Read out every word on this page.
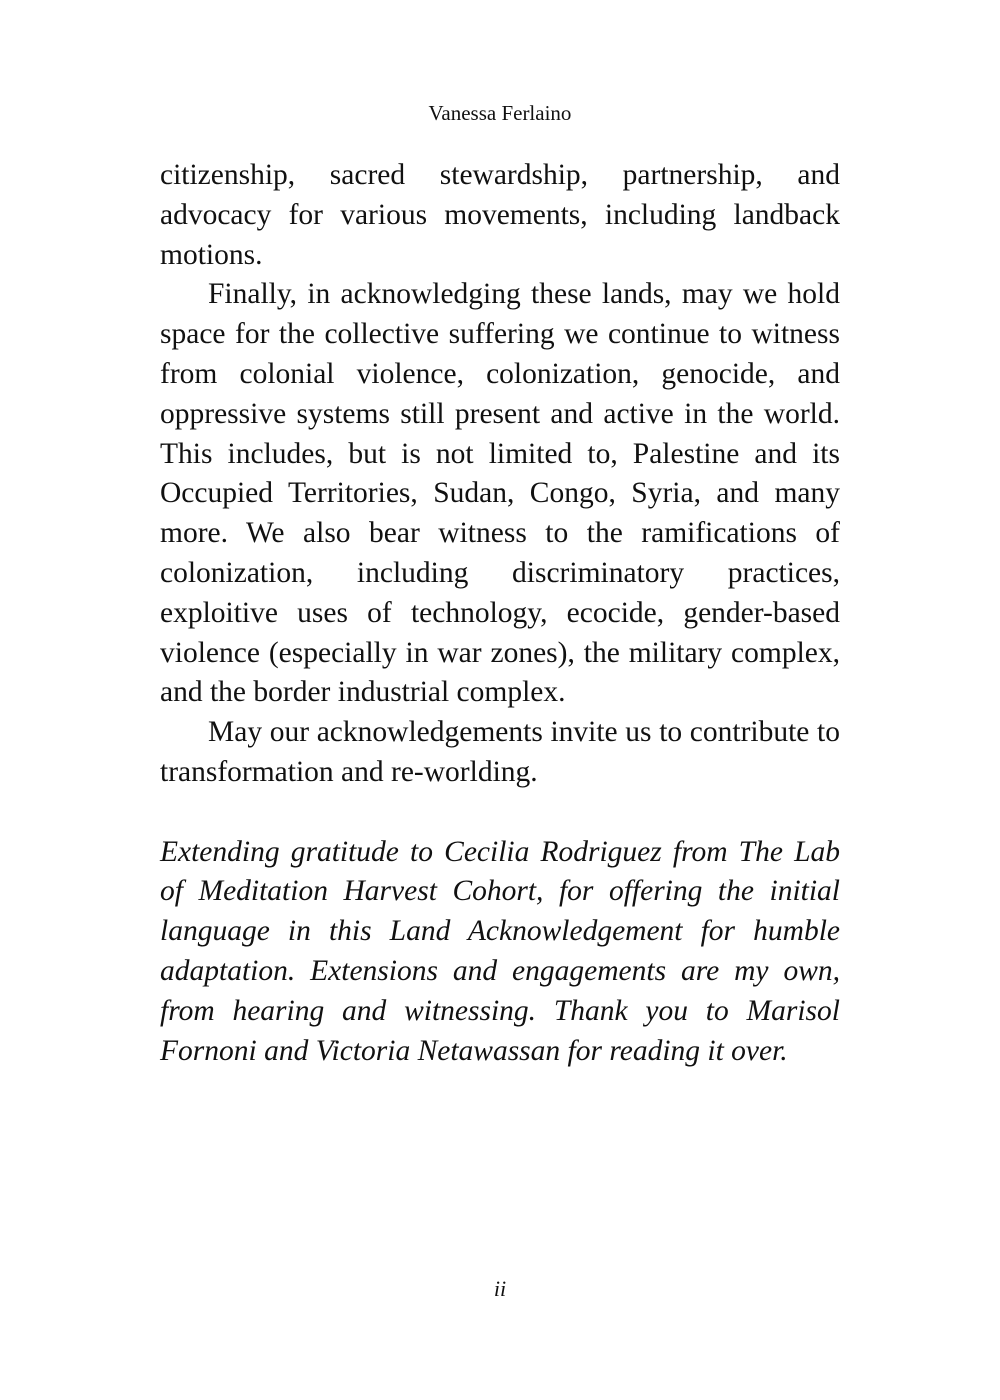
Vanessa Ferlaino

citizenship, sacred stewardship, partnership, and advocacy for various movements, including landback motions.

Finally, in acknowledging these lands, may we hold space for the collective suffering we continue to witness from colonial violence, colonization, genocide, and oppressive systems still present and active in the world. This includes, but is not limited to, Palestine and its Occupied Territories, Sudan, Congo, Syria, and many more. We also bear witness to the ramifications of colonization, including discriminatory practices, exploitive uses of technology, ecocide, gender-based violence (especially in war zones), the military complex, and the border industrial complex.

May our acknowledgements invite us to contribute to transformation and re-worlding.

Extending gratitude to Cecilia Rodriguez from The Lab of Meditation Harvest Cohort, for offering the initial language in this Land Acknowledgement for humble adaptation. Extensions and engagements are my own, from hearing and witnessing. Thank you to Marisol Fornoni and Victoria Netawassan for reading it over.

ii
